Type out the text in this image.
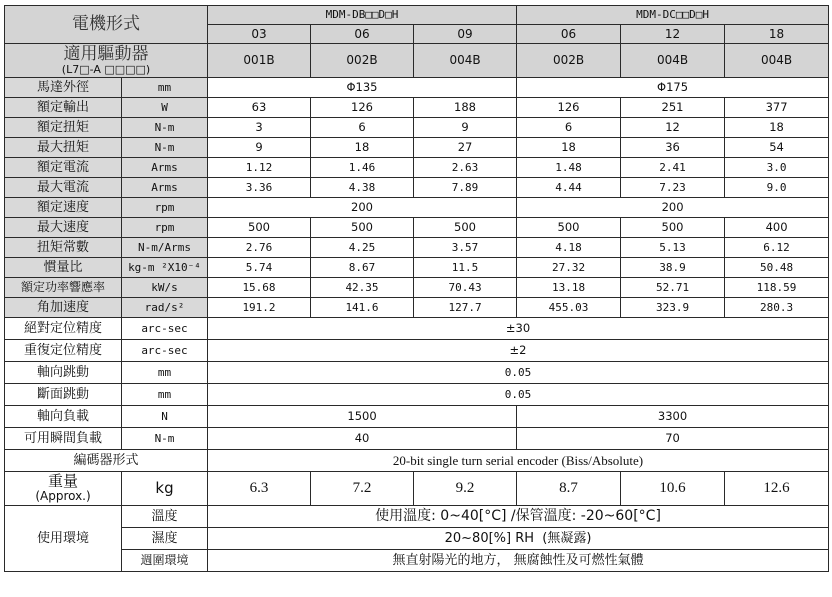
電機形式		MDM-DB□□D□H			MDM-DC□□D□H		
		03	06	09	06	12	18
適用驅動器
(L7□-A □□□□)		001B	002B	004B	002B	004B	004B
馬達外徑	mm	Φ135			Φ175		
額定輸出	W	63	126	188	126	251	377
額定扭矩	N-m	3	6	9	6	12	18
最大扭矩	N-m	9	18	27	18	36	54
額定電流	Arms	1.12	1.46	2.63	1.48	2.41	3.0
最大電流	Arms	3.36	4.38	7.89	4.44	7.23	9.0
額定速度	rpm	200			200		
最大速度	rpm	500	500	500	500	500	400
扭矩常數	N-m/Arms	2.76	4.25	3.57	4.18	5.13	6.12
慣量比	kg-m ²X10⁻⁴	5.74	8.67	11.5	27.32	38.9	50.48
額定功率響應率	kW/s	15.68	42.35	70.43	13.18	52.71	118.59
角加速度	rad/s²	191.2	141.6	127.7	455.03	323.9	280.3
絕對定位精度	arc-sec	±30					
重復定位精度	arc-sec	±2					
軸向跳動	mm	0.05					
斷面跳動	mm	0.05					
軸向負載	N	1500			3300		
可用瞬間負載	N-m	40			70		
編碼器形式		20-bit single turn serial encoder (Biss/Absolute)					
重量
(Approx.)	kg	6.3	7.2	9.2	8.7	10.6	12.6
使用環境	溫度	使用溫度: 0~40[°C] /保管溫度: -20~60[°C]					
	濕度	20~80[%] RH  (無凝露)					
	週圍環境	無直射陽光的地方， 無腐蝕性及可燃性氣體					
